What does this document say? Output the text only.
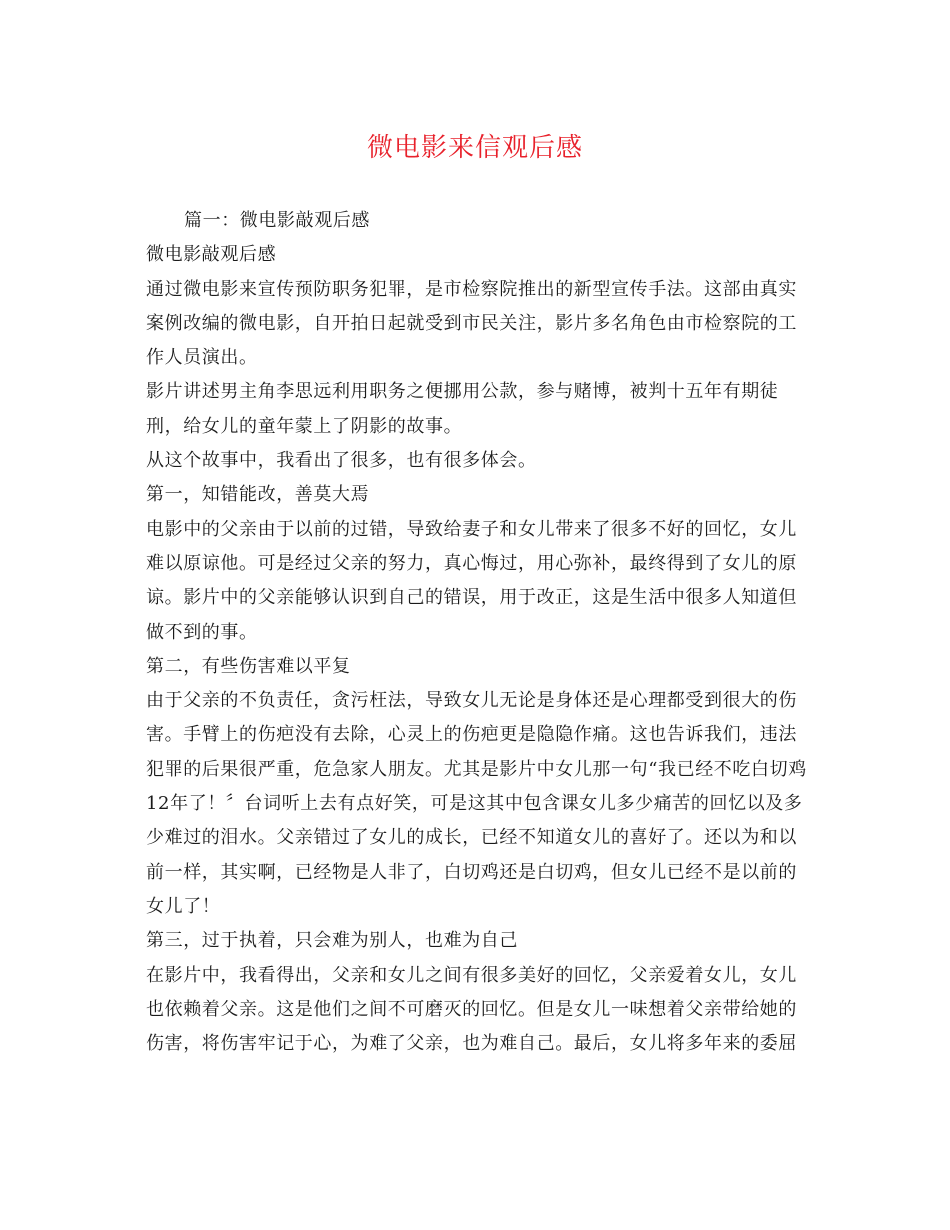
微电影来信观后感
篇一：微电影敲观后感
微电影敲观后感
通过微电影来宣传预防职务犯罪，是市检察院推出的新型宣传手法。这部由真实
案例改编的微电影，自开拍日起就受到市民关注，影片多名角色由市检察院的工
作人员演出。
影片讲述男主角李思远利用职务之便挪用公款，参与赌博，被判十五年有期徒
刑，给女儿的童年蒙上了阴影的故事。
从这个故事中，我看出了很多，也有很多体会。
第一，知错能改，善莫大焉
电影中的父亲由于以前的过错，导致给妻子和女儿带来了很多不好的回忆，女儿
难以原谅他。可是经过父亲的努力，真心悔过，用心弥补，最终得到了女儿的原
谅。影片中的父亲能够认识到自己的错误，用于改正，这是生活中很多人知道但
做不到的事。
第二，有些伤害难以平复
由于父亲的不负责任，贪污枉法，导致女儿无论是身体还是心理都受到很大的伤
害。手臂上的伤疤没有去除，心灵上的伤疤更是隐隐作痛。这也告诉我们，违法
犯罪的后果很严重，危急家人朋友。尤其是影片中女儿那一句“我已经不吃白切鸡
12年了！〞台词听上去有点好笑，可是这其中包含课女儿多少痛苦的回忆以及多
少难过的泪水。父亲错过了女儿的成长，已经不知道女儿的喜好了。还以为和以
前一样，其实啊，已经物是人非了，白切鸡还是白切鸡，但女儿已经不是以前的
女儿了！
第三，过于执着，只会难为别人，也难为自己
在影片中，我看得出，父亲和女儿之间有很多美好的回忆，父亲爱着女儿，女儿
也依赖着父亲。这是他们之间不可磨灭的回忆。但是女儿一味想着父亲带给她的
伤害，将伤害牢记于心，为难了父亲，也为难自己。最后，女儿将多年来的委屈
